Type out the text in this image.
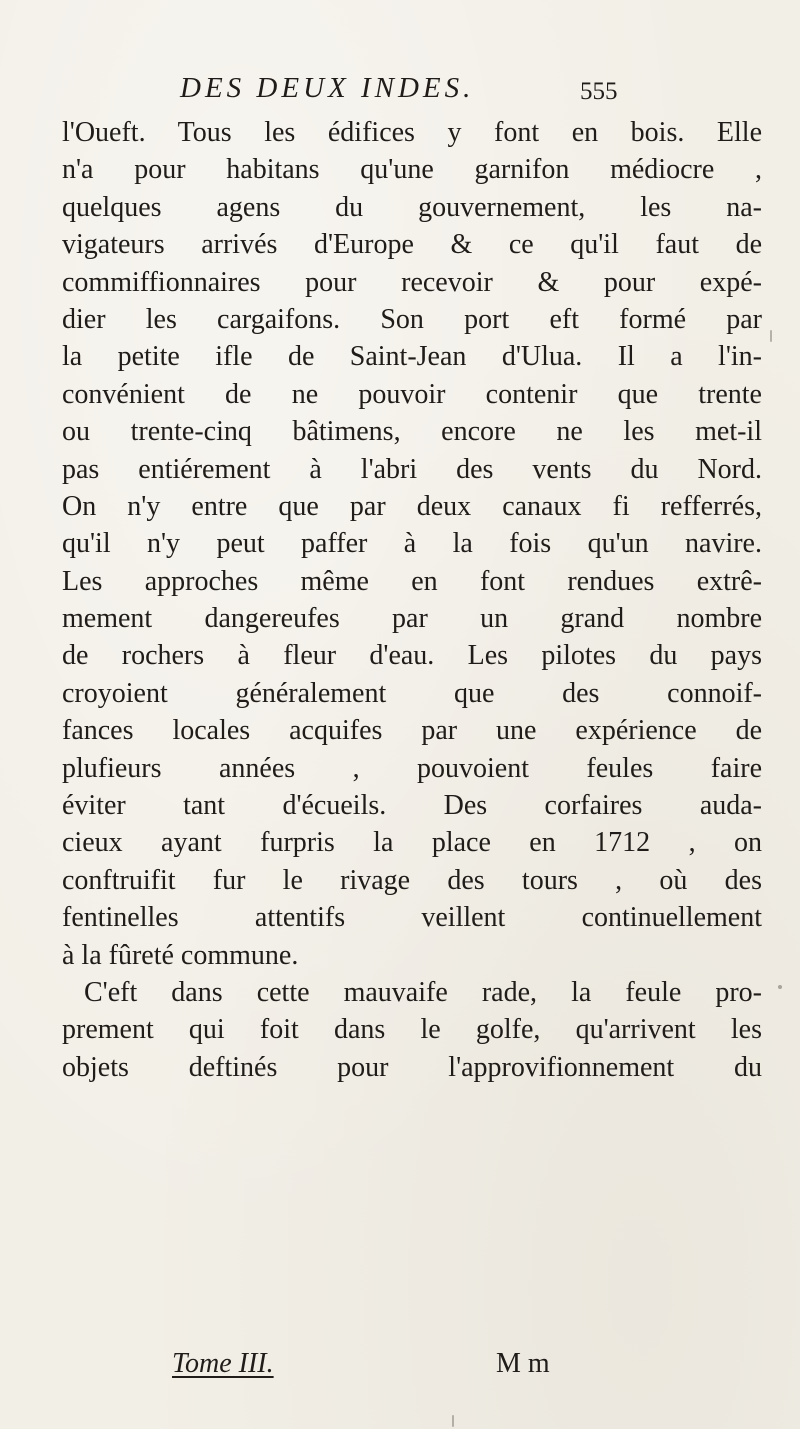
DES DEUX INDES.	555
l'Oueft. Tous les édifices y font en bois. Elle
n'a pour habitans qu'une garnifon médiocre ,
quelques agens du gouvernement, les na-
vigateurs arrivés d'Europe & ce qu'il faut de
commiffionnaires pour recevoir & pour expé-
dier les cargaifons. Son port eft formé par
la petite ifle de Saint-Jean d'Ulua. Il a l'in-
convénient de ne pouvoir contenir que trente
ou trente-cinq bâtimens, encore ne les met-il
pas entiérement à l'abri des vents du Nord.
On n'y entre que par deux canaux fi refferrés,
qu'il n'y peut paffer à la fois qu'un navire.
Les approches même en font rendues extrê-
mement dangereufes par un grand nombre
de rochers à fleur d'eau. Les pilotes du pays
croyoient généralement que des connoif-
fances locales acquifes par une expérience de
plufieurs années , pouvoient feules faire
éviter tant d'écueils. Des corfaires auda-
cieux ayant furpris la place en 1712 , on
conftruifit fur le rivage des tours , où des
fentinelles attentifs veillent continuellement
à la fûreté commune.
C'eft dans cette mauvaife rade, la feule pro-
prement qui foit dans le golfe, qu'arrivent les
objets deftinés pour l'approvifionnement du
Tome III.	M m
